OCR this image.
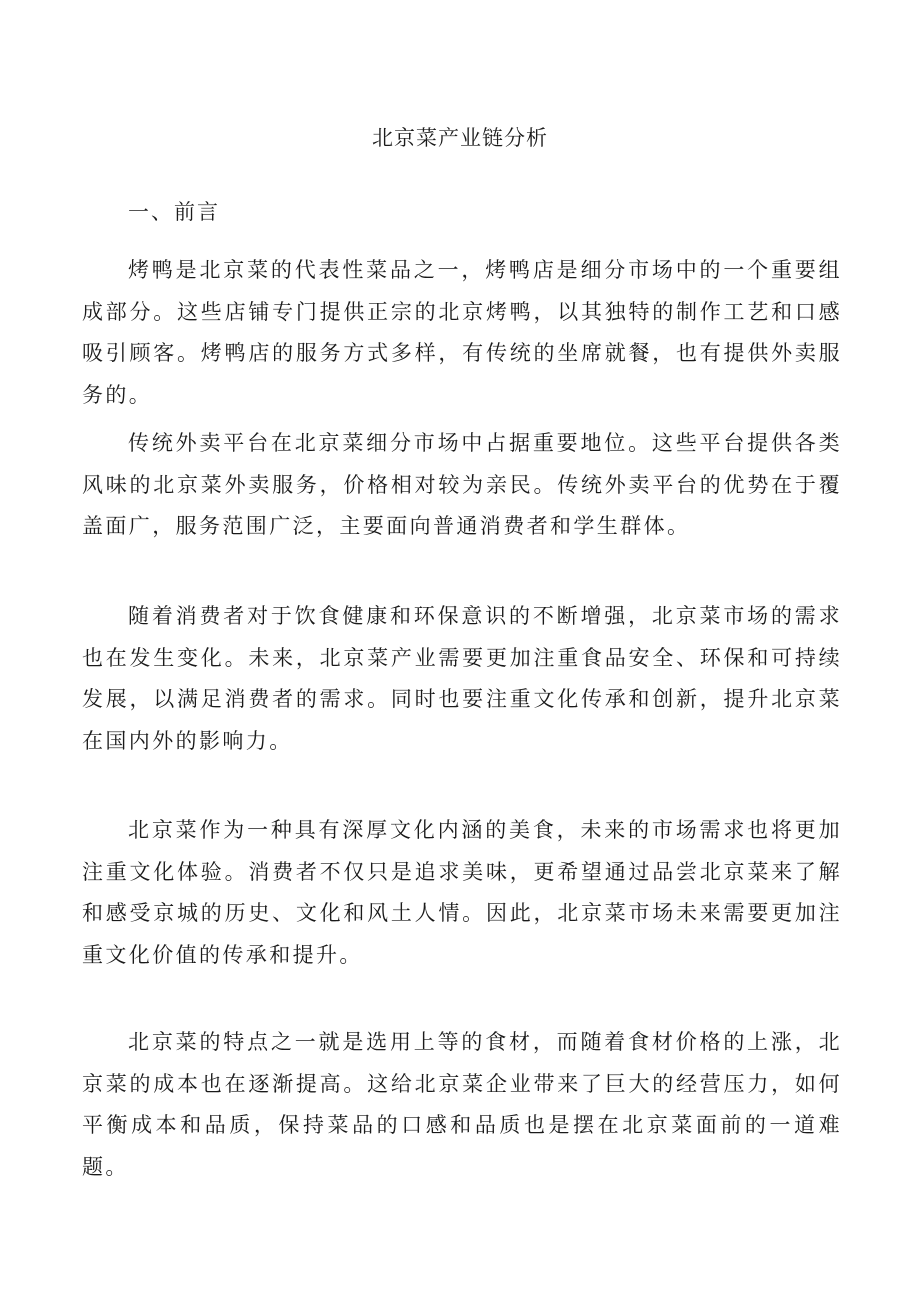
北京菜产业链分析
一、前言

烤鸭是北京菜的代表性菜品之一，烤鸭店是细分市场中的一个重要组成部分。这些店铺专门提供正宗的北京烤鸭，以其独特的制作工艺和口感吸引顾客。烤鸭店的服务方式多样，有传统的坐席就餐，也有提供外卖服务的。

传统外卖平台在北京菜细分市场中占据重要地位。这些平台提供各类风味的北京菜外卖服务，价格相对较为亲民。传统外卖平台的优势在于覆盖面广，服务范围广泛，主要面向普通消费者和学生群体。

随着消费者对于饮食健康和环保意识的不断增强，北京菜市场的需求也在发生变化。未来，北京菜产业需要更加注重食品安全、环保和可持续发展，以满足消费者的需求。同时也要注重文化传承和创新，提升北京菜在国内外的影响力。

北京菜作为一种具有深厚文化内涵的美食，未来的市场需求也将更加注重文化体验。消费者不仅只是追求美味，更希望通过品尝北京菜来了解和感受京城的历史、文化和风土人情。因此，北京菜市场未来需要更加注重文化价值的传承和提升。

北京菜的特点之一就是选用上等的食材，而随着食材价格的上涨，北京菜的成本也在逐渐提高。这给北京菜企业带来了巨大的经营压力，如何平衡成本和品质，保持菜品的口感和品质也是摆在北京菜面前的一道难题。
